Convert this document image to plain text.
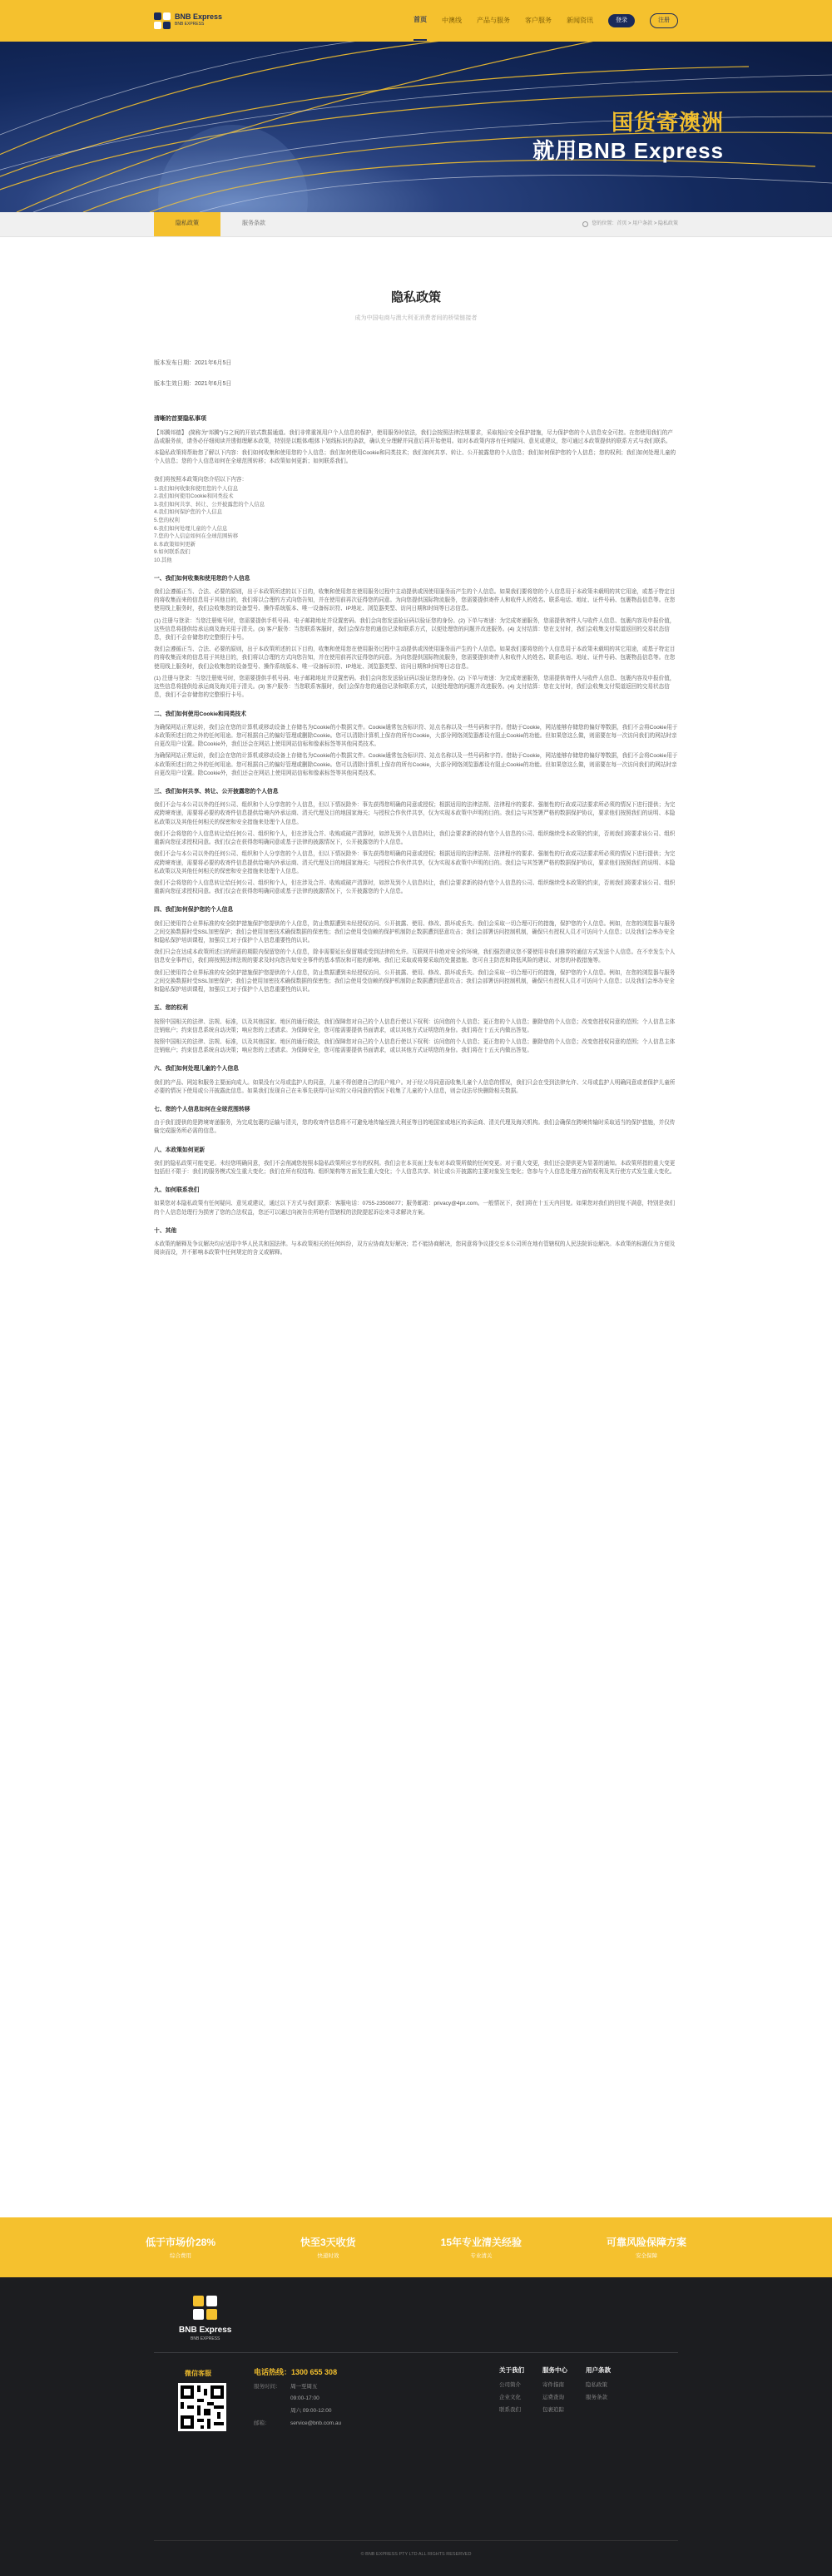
BNB Express
BNB EXPRESS
首页 中澳线 产品与服务 客户服务 新闻资讯	登录	注册
国货寄澳洲
就用BNB Express
隐私政策	服务条款	您的位置：首页 > 用户条款 > 隐私政策
隐私政策
成为中国电商与澳大利亚消费者间的桥梁链接者
版本发布日期：2021年6月5日
版本生效日期：2021年6月5日
清晰的首要隐私事项
【邦腾邦德】 (简称为“邦腾”)与之间的开放式数据通道。我们非常重视用户个人信息的保护，使用服务时依法，我们会按照法律法规要求，采取相应安全保护措施，尽力保护您的个人信息安全可控。在您使用我们的产品或服务前，请务必仔细阅读并透彻理解本政策，特别是以粗体/粗体下划线标识的条款，确认充分理解并同意后再开始使用。如对本政策内容有任何疑问、意见或建议，您可通过本政策提供的联系方式与我们联系。
本隐私政策将帮助您了解以下内容：我们如何收集和使用您的个人信息；我们如何使用Cookie和同类技术；我们如何共享、转让、公开披露您的个人信息；我们如何保护您的个人信息；您的权利；我们如何处理儿童的个人信息；您的个人信息如何在全球范围转移；本政策如何更新；如何联系我们。
我们将按照本政策向您介绍以下内容：
1.我们如何收集和使用您的个人信息
2.我们如何使用Cookie和同类技术
3.我们如何共享、转让、公开披露您的个人信息
4.我们如何保护您的个人信息
5.您的权利
6.我们如何处理儿童的个人信息
7.您的个人信息如何在全球范围转移
8.本政策如何更新
9.如何联系我们
10.其他
一、我们如何收集和使用您的个人信息
我们会遵循正当、合法、必要的原则，出于本政策所述的以下目的，收集和使用您在使用服务过程中主动提供或因使用服务而产生的个人信息。如果我们要将您的个人信息用于本政策未载明的其它用途，或基于特定目的将收集而来的信息用于其他目的，我们将以合理的方式向您告知，并在使用前再次征得您的同意。为向您提供国际物流服务，您需要提供寄件人和收件人的姓名、联系电话、地址、证件号码、包裹物品信息等。在您使用线上服务时，我们会收集您的设备型号、操作系统版本、唯一设备标识符、IP地址、浏览器类型、访问日期和时间等日志信息。
(1) 注册与登录：当您注册账号时，您需要提供手机号码、电子邮箱地址并设置密码。我们会向您发送验证码以验证您的身份。(2) 下单与寄递：为完成寄递服务，您需提供寄件人与收件人信息、包裹内容及申报价值，这些信息将提供给承运商及海关用于清关。(3) 客户服务：当您联系客服时，我们会保存您的通信记录和联系方式，以便处理您的问题并改进服务。(4) 支付结算：您在支付时，我们会收集支付渠道返回的交易状态信息，我们不会存储您的完整银行卡号。
我们会遵循正当、合法、必要的原则，出于本政策所述的以下目的，收集和使用您在使用服务过程中主动提供或因使用服务而产生的个人信息。如果我们要将您的个人信息用于本政策未载明的其它用途，或基于特定目的将收集而来的信息用于其他目的，我们将以合理的方式向您告知，并在使用前再次征得您的同意。为向您提供国际物流服务，您需要提供寄件人和收件人的姓名、联系电话、地址、证件号码、包裹物品信息等。在您使用线上服务时，我们会收集您的设备型号、操作系统版本、唯一设备标识符、IP地址、浏览器类型、访问日期和时间等日志信息。
(1) 注册与登录：当您注册账号时，您需要提供手机号码、电子邮箱地址并设置密码。我们会向您发送验证码以验证您的身份。(2) 下单与寄递：为完成寄递服务，您需提供寄件人与收件人信息、包裹内容及申报价值，这些信息将提供给承运商及海关用于清关。(3) 客户服务：当您联系客服时，我们会保存您的通信记录和联系方式，以便处理您的问题并改进服务。(4) 支付结算：您在支付时，我们会收集支付渠道返回的交易状态信息，我们不会存储您的完整银行卡号。
二、我们如何使用Cookie和同类技术
为确保网站正常运转，我们会在您的计算机或移动设备上存储名为Cookie的小数据文件。Cookie通常包含标识符、站点名称以及一些号码和字符。借助于Cookie，网站能够存储您的偏好等数据，我们不会将Cookie用于本政策所述目的之外的任何用途。您可根据自己的偏好管理或删除Cookie。您可以清除计算机上保存的所有Cookie，大部分网络浏览器都设有阻止Cookie的功能。但如果您这么做，则需要在每一次访问我们的网站时亲自更改用户设置。除Cookie外，我们还会在网站上使用网站信标和像素标签等其他同类技术。
为确保网站正常运转，我们会在您的计算机或移动设备上存储名为Cookie的小数据文件。Cookie通常包含标识符、站点名称以及一些号码和字符。借助于Cookie，网站能够存储您的偏好等数据，我们不会将Cookie用于本政策所述目的之外的任何用途。您可根据自己的偏好管理或删除Cookie。您可以清除计算机上保存的所有Cookie，大部分网络浏览器都设有阻止Cookie的功能。但如果您这么做，则需要在每一次访问我们的网站时亲自更改用户设置。除Cookie外，我们还会在网站上使用网站信标和像素标签等其他同类技术。
三、我们如何共享、转让、公开披露您的个人信息
我们不会与本公司以外的任何公司、组织和个人分享您的个人信息，但以下情况除外：事先获得您明确的同意或授权；根据适用的法律法规、法律程序的要求、强制性的行政或司法要求所必须的情况下进行提供；为完成跨境寄递，需要将必要的收寄件信息提供给境内外承运商、清关代理及目的地国家海关；与授权合作伙伴共享，仅为实现本政策中声明的目的。我们会与其签署严格的数据保护协议，要求他们按照我们的说明、本隐私政策以及其他任何相关的保密和安全措施来处理个人信息。
我们不会将您的个人信息转让给任何公司、组织和个人，但在涉及合并、收购或破产清算时，如涉及到个人信息转让，我们会要求新的持有您个人信息的公司、组织继续受本政策的约束，否则我们将要求该公司、组织重新向您征求授权同意。我们仅会在获得您明确同意或基于法律的披露情况下，公开披露您的个人信息。
我们不会与本公司以外的任何公司、组织和个人分享您的个人信息，但以下情况除外：事先获得您明确的同意或授权；根据适用的法律法规、法律程序的要求、强制性的行政或司法要求所必须的情况下进行提供；为完成跨境寄递，需要将必要的收寄件信息提供给境内外承运商、清关代理及目的地国家海关；与授权合作伙伴共享，仅为实现本政策中声明的目的。我们会与其签署严格的数据保护协议，要求他们按照我们的说明、本隐私政策以及其他任何相关的保密和安全措施来处理个人信息。
我们不会将您的个人信息转让给任何公司、组织和个人，但在涉及合并、收购或破产清算时，如涉及到个人信息转让，我们会要求新的持有您个人信息的公司、组织继续受本政策的约束，否则我们将要求该公司、组织重新向您征求授权同意。我们仅会在获得您明确同意或基于法律的披露情况下，公开披露您的个人信息。
四、我们如何保护您的个人信息
我们已使用符合业界标准的安全防护措施保护您提供的个人信息，防止数据遭到未经授权访问、公开披露、使用、修改、损坏或丢失。我们会采取一切合理可行的措施，保护您的个人信息。例如，在您的浏览器与服务之间交换数据时受SSL加密保护；我们会使用加密技术确保数据的保密性；我们会使用受信赖的保护机制防止数据遭到恶意攻击；我们会部署访问控制机制，确保只有授权人员才可访问个人信息；以及我们会举办安全和隐私保护培训课程，加强员工对于保护个人信息重要性的认识。
我们只会在达成本政策所述目的所需的期限内保留您的个人信息，除非需要延长保留期或受到法律的允许。互联网并非绝对安全的环境，我们强烈建议您不要使用非我们推荐的通信方式发送个人信息。在不幸发生个人信息安全事件后，我们将按照法律法规的要求及时向您告知安全事件的基本情况和可能的影响、我们已采取或将要采取的处置措施、您可自主防范和降低风险的建议、对您的补救措施等。
我们已使用符合业界标准的安全防护措施保护您提供的个人信息，防止数据遭到未经授权访问、公开披露、使用、修改、损坏或丢失。我们会采取一切合理可行的措施，保护您的个人信息。例如，在您的浏览器与服务之间交换数据时受SSL加密保护；我们会使用加密技术确保数据的保密性；我们会使用受信赖的保护机制防止数据遭到恶意攻击；我们会部署访问控制机制，确保只有授权人员才可访问个人信息；以及我们会举办安全和隐私保护培训课程，加强员工对于保护个人信息重要性的认识。
五、您的权利
按照中国相关的法律、法规、标准，以及其他国家、地区的通行做法，我们保障您对自己的个人信息行使以下权利：访问您的个人信息；更正您的个人信息；删除您的个人信息；改变您授权同意的范围；个人信息主体注销账户；约束信息系统自动决策；响应您的上述请求。为保障安全，您可能需要提供书面请求，或以其他方式证明您的身份。我们将在十五天内做出答复。
按照中国相关的法律、法规、标准，以及其他国家、地区的通行做法，我们保障您对自己的个人信息行使以下权利：访问您的个人信息；更正您的个人信息；删除您的个人信息；改变您授权同意的范围；个人信息主体注销账户；约束信息系统自动决策；响应您的上述请求。为保障安全，您可能需要提供书面请求，或以其他方式证明您的身份。我们将在十五天内做出答复。
六、我们如何处理儿童的个人信息
我们的产品、网站和服务主要面向成人。如果没有父母或监护人的同意，儿童不得创建自己的用户账户。对于经父母同意而收集儿童个人信息的情况，我们只会在受到法律允许、父母或监护人明确同意或者保护儿童所必要的情况下使用或公开披露此信息。如果我们发现自己在未事先获得可证实的父母同意的情况下收集了儿童的个人信息，则会设法尽快删除相关数据。
七、您的个人信息如何在全球范围转移
由于我们提供的是跨境寄递服务，为完成包裹的运输与清关，您的收寄件信息将不可避免地传输至澳大利亚等目的地国家或地区的承运商、清关代理及海关机构。我们会确保在跨境传输时采取适当的保护措施，并仅传输完成服务所必需的信息。
八、本政策如何更新
我们的隐私政策可能变更。未经您明确同意，我们不会削减您按照本隐私政策所应享有的权利。我们会在本页面上发布对本政策所做的任何变更。对于重大变更，我们还会提供更为显著的通知。本政策所指的重大变更包括但不限于：我们的服务模式发生重大变化；我们在所有权结构、组织架构等方面发生重大变化；个人信息共享、转让或公开披露的主要对象发生变化；您参与个人信息处理方面的权利及其行使方式发生重大变化。
九、如何联系我们
如果您对本隐私政策有任何疑问、意见或建议，通过以下方式与我们联系：客服电话：0755-23508077；服务邮箱：privacy@4px.com。一般情况下，我们将在十五天内回复。如果您对我们的回复不满意，特别是我们的个人信息处理行为损害了您的合法权益，您还可以通过向被告住所地有管辖权的法院提起诉讼来寻求解决方案。
十、其他
本政策的解释及争议解决均应适用中华人民共和国法律。与本政策相关的任何纠纷，双方应协商友好解决；若不能协商解决，您同意将争议提交至本公司所在地有管辖权的人民法院诉讼解决。本政策的标题仅为方便及阅读而设，并不影响本政策中任何规定的含义或解释。
低于市场价28%
综合费用
快至3天收货
快递时效
15年专业清关经验
专业清关
可靠风险保障方案
安全保障
BNB Express
BNB EXPRESS
微信客服	电话热线：1300 655 308
服务时间：	周一至周五
09:00-17:00
周六 09:00-12:00
邮箱：	service@bnb.com.au
关于我们
公司简介
企业文化
联系我们
服务中心
寄件指南
运费查询
包裹追踪
用户条款
隐私政策
服务条款
© BNB EXPRESS PTY LTD ALL RIGHTS RESERVED
